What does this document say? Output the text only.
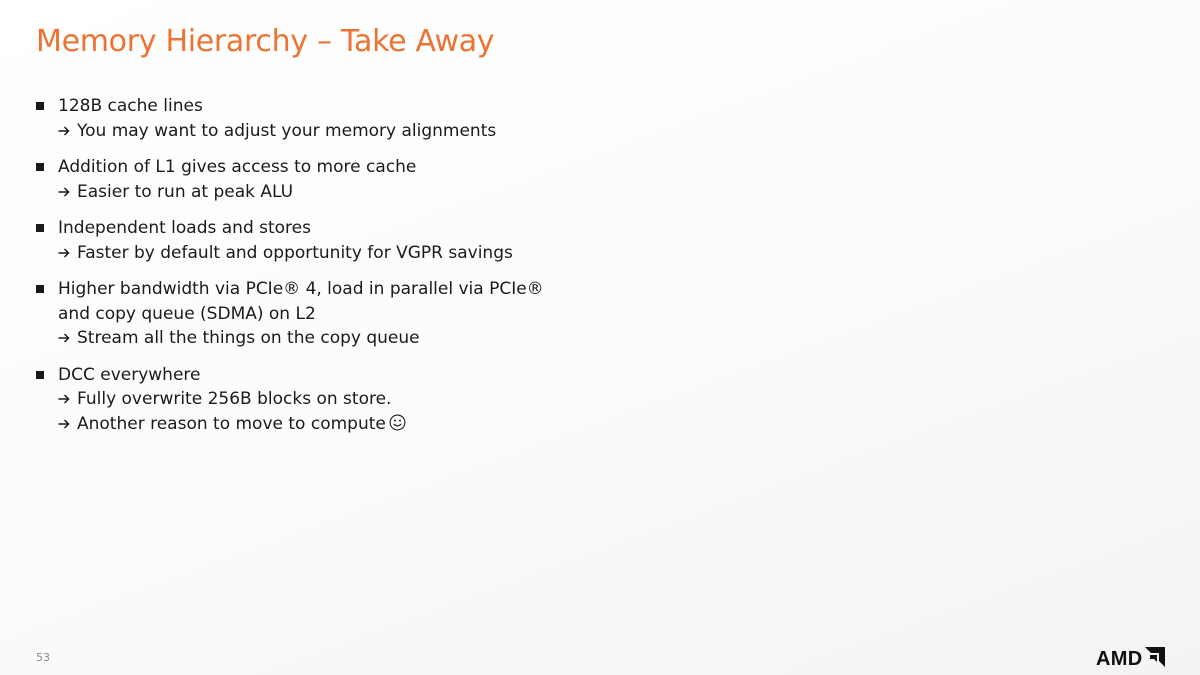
Memory Hierarchy – Take Away
128B cache lines
You may want to adjust your memory alignments
Addition of L1 gives access to more cache
Easier to run at peak ALU
Independent loads and stores
Faster by default and opportunity for VGPR savings
Higher bandwidth via PCIe® 4, load in parallel via PCIe®
and copy queue (SDMA) on L2
Stream all the things on the copy queue
DCC everywhere
Fully overwrite 256B blocks on store.
Another reason to move to compute
53	AMD
